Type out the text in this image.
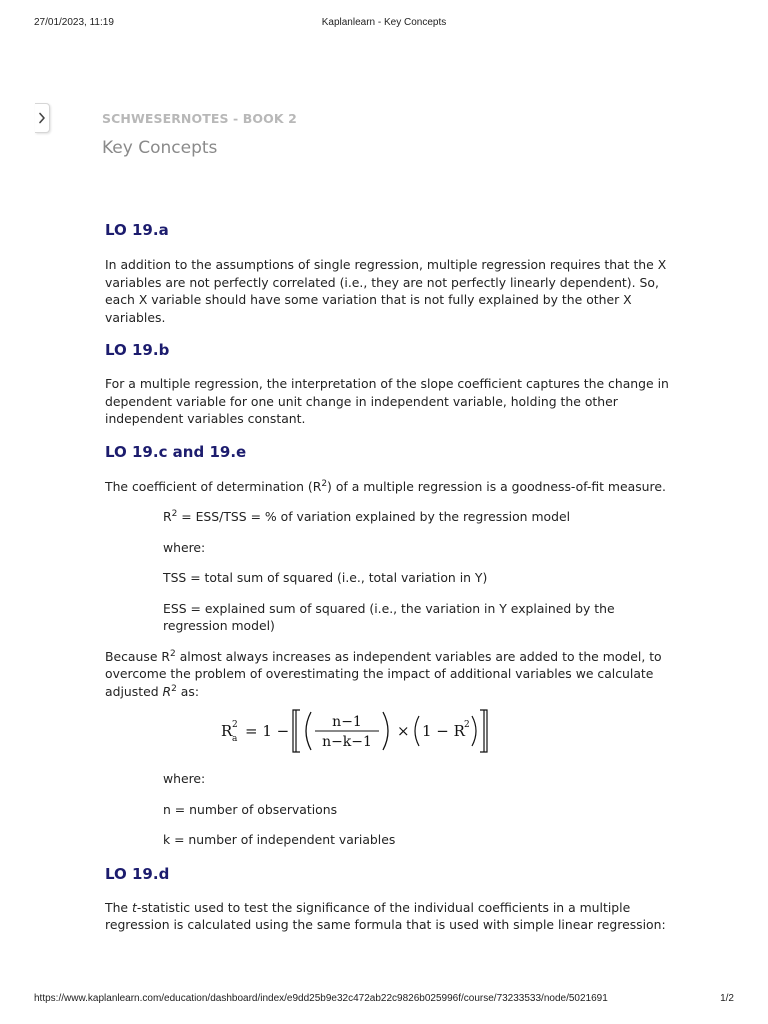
27/01/2023, 11:19	Kaplanlearn - Key Concepts
SCHWESERNOTES - BOOK 2
Key Concepts
LO 19.a

In addition to the assumptions of single regression, multiple regression requires that the X variables are not perfectly correlated (i.e., they are not perfectly linearly dependent). So, each X variable should have some variation that is not fully explained by the other X variables.

LO 19.b

For a multiple regression, the interpretation of the slope coefficient captures the change in dependent variable for one unit change in independent variable, holding the other independent variables constant.

LO 19.c and 19.e

The coefficient of determination $(R^2)$ of a multiple regression is a goodness-of-fit measure.

$R^2 = ESS/TSS$ = % of variation explained by the regression model

where:

TSS = total sum of squared (i.e., total variation in Y)

ESS = explained sum of squared (i.e., the variation in Y explained by the regression model)

Because $R^2$ almost always increases as independent variables are added to the model, to overcome the problem of overestimating the impact of additional variables we calculate adjusted $R^2$ as:

R 2
a = 1 −	n−1
n−k−1
× 1 − R 2

where:

n = number of observations

k = number of independent variables

LO 19.d

The t-statistic used to test the significance of the individual coefficients in a multiple regression is calculated using the same formula that is used with simple linear regression:

https://www.kaplanlearn.com/education/dashboard/index/e9dd25b9e32c472ab22c9826b025996f/course/73233533/node/5021691	1/2
